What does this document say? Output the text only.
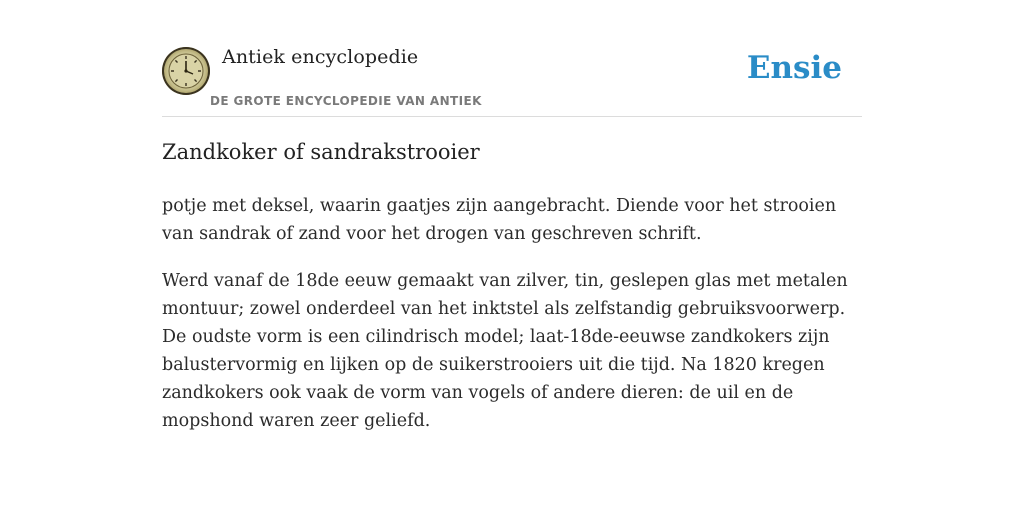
Antiek encyclopedie
DE GROTE ENCYCLOPEDIE VAN ANTIEK
Ensie
Zandkoker of sandrakstrooier

potje met deksel, waarin gaatjes zijn aangebracht. Diende voor het strooien van sandrak of zand voor het drogen van geschreven schrift.

Werd vanaf de 18de eeuw gemaakt van zilver, tin, geslepen glas met metalen montuur; zowel onderdeel van het inktstel als zelfstandig gebruiksvoorwerp. De oudste vorm is een cilindrisch model; laat-18de-eeuwse zandkokers zijn balustervormig en lijken op de suikerstrooiers uit die tijd. Na 1820 kregen zandkokers ook vaak de vorm van vogels of andere dieren: de uil en de mopshond waren zeer geliefd.
